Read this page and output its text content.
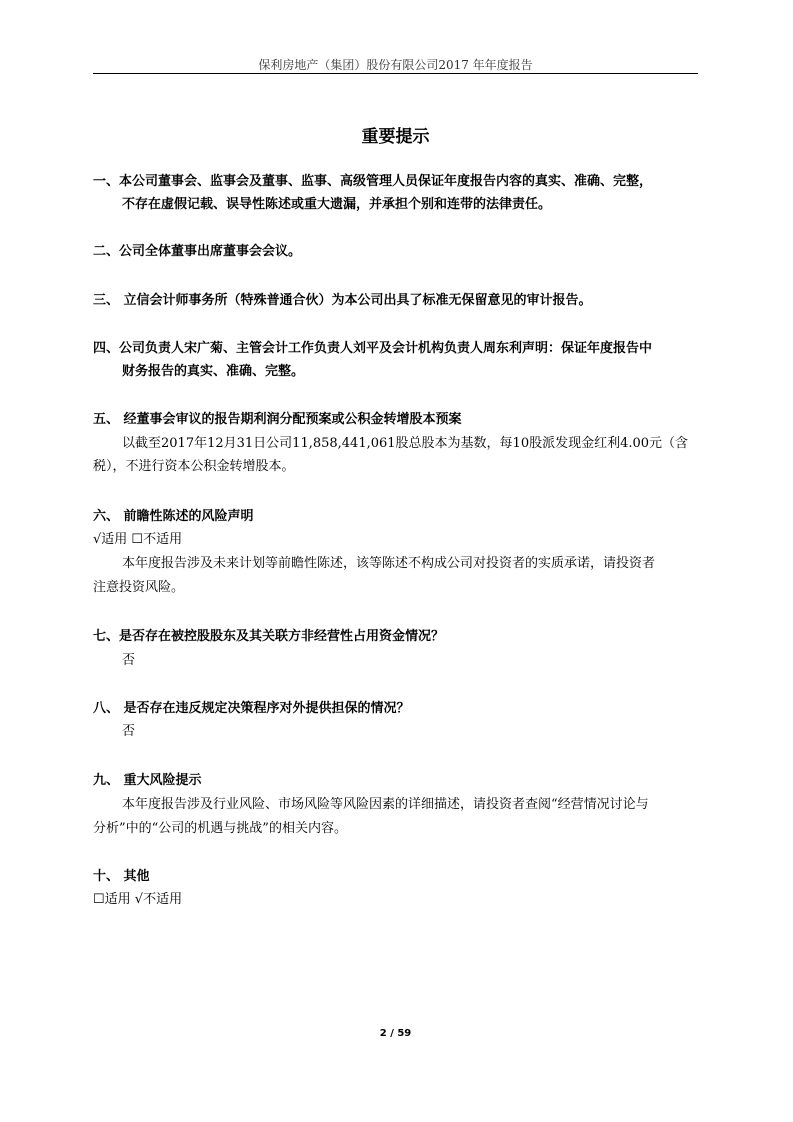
保利房地产（集团）股份有限公司2017 年年度报告
重要提示
一、本公司董事会、监事会及董事、监事、高级管理人员保证年度报告内容的真实、准确、完整，
不存在虚假记载、误导性陈述或重大遗漏，并承担个别和连带的法律责任。
二、公司全体董事出席董事会会议。
三、 立信会计师事务所（特殊普通合伙）为本公司出具了标准无保留意见的审计报告。
四、公司负责人宋广菊、主管会计工作负责人刘平及会计机构负责人周东利声明：保证年度报告中
财务报告的真实、准确、完整。
五、 经董事会审议的报告期利润分配预案或公积金转增股本预案
以截至2017年12月31日公司11,858,441,061股总股本为基数，每10股派发现金红利4.00元（含
税），不进行资本公积金转增股本。
六、 前瞻性陈述的风险声明
√适用 ☐不适用
本年度报告涉及未来计划等前瞻性陈述，该等陈述不构成公司对投资者的实质承诺，请投资者
注意投资风险。
七、是否存在被控股股东及其关联方非经营性占用资金情况？
否
八、 是否存在违反规定决策程序对外提供担保的情况？
否
九、 重大风险提示
本年度报告涉及行业风险、市场风险等风险因素的详细描述，请投资者查阅“经营情况讨论与
分析”中的“公司的机遇与挑战”的相关内容。
十、 其他
☐适用 √不适用
2 / 59
